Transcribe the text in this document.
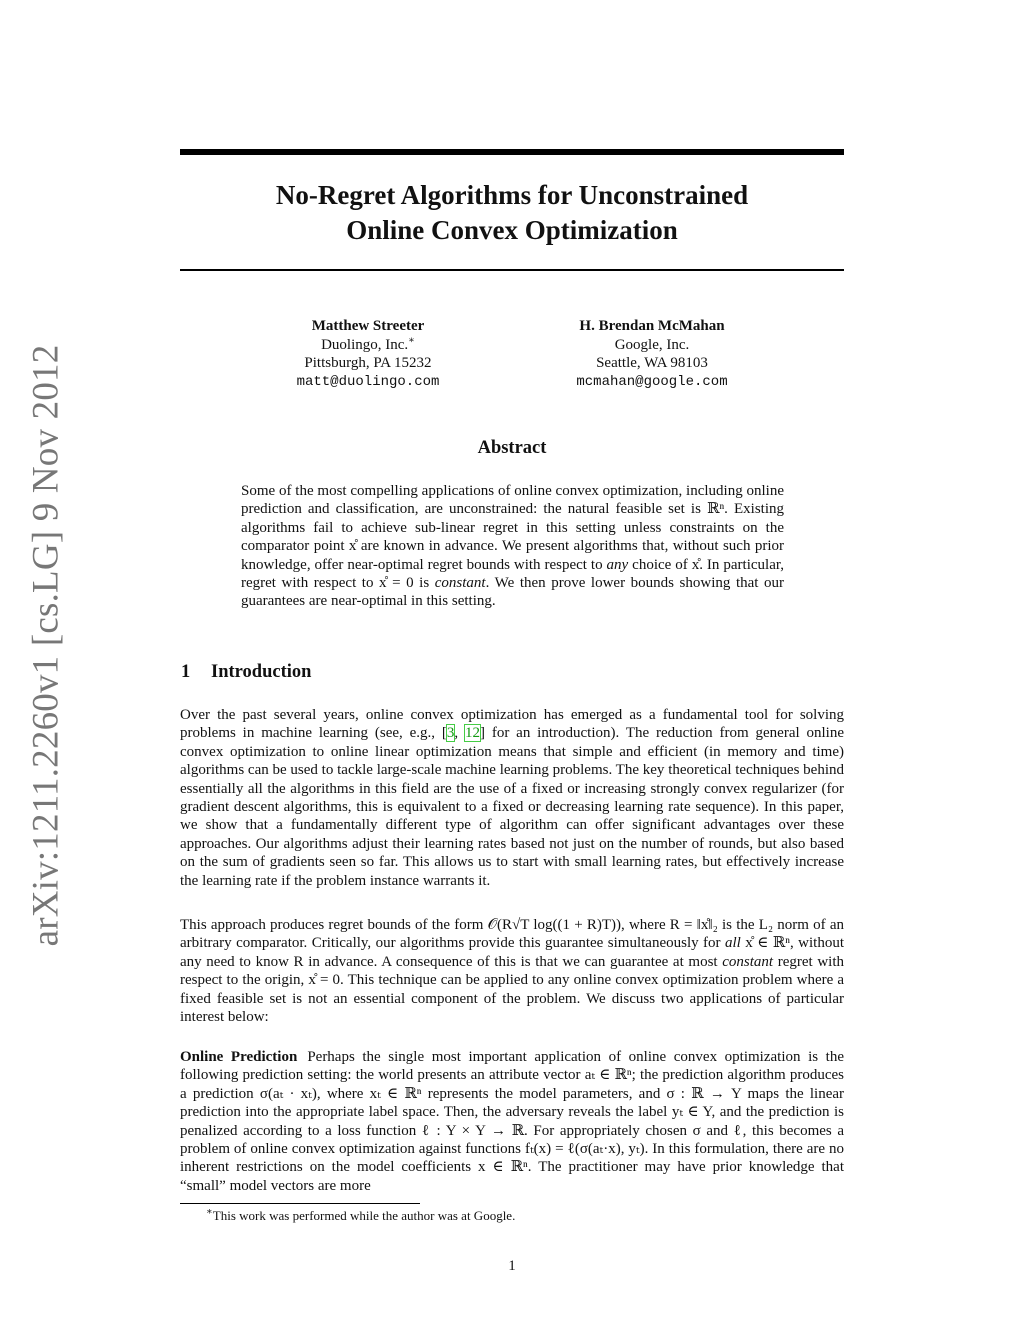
arXiv:1211.2260v1 [cs.LG] 9 Nov 2012
No-Regret Algorithms for Unconstrained
Online Convex Optimization
Matthew Streeter
Duolingo, Inc.∗
Pittsburgh, PA 15232
matt@duolingo.com
H. Brendan McMahan
Google, Inc.
Seattle, WA 98103
mcmahan@google.com
Abstract

Some of the most compelling applications of online convex optimization, including online prediction and classification, are unconstrained: the natural feasible set is ℝⁿ. Existing algorithms fail to achieve sub-linear regret in this setting unless constraints on the comparator point x̊ are known in advance. We present algorithms that, without such prior knowledge, offer near-optimal regret bounds with respect to any choice of x̊. In particular, regret with respect to x̊ = 0 is constant. We then prove lower bounds showing that our guarantees are near-optimal in this setting.

1 Introduction

Over the past several years, online convex optimization has emerged as a fundamental tool for solving problems in machine learning (see, e.g., [3, 12] for an introduction). The reduction from general online convex optimization to online linear optimization means that simple and efficient (in memory and time) algorithms can be used to tackle large-scale machine learning problems. The key theoretical techniques behind essentially all the algorithms in this field are the use of a fixed or increasing strongly convex regularizer (for gradient descent algorithms, this is equivalent to a fixed or decreasing learning rate sequence). In this paper, we show that a fundamentally different type of algorithm can offer significant advantages over these approaches. Our algorithms adjust their learning rates based not just on the number of rounds, but also based on the sum of gradients seen so far. This allows us to start with small learning rates, but effectively increase the learning rate if the problem instance warrants it.

This approach produces regret bounds of the form 𝒪(R√T log((1 + R)T)), where R = ‖x̊‖₂ is the L₂ norm of an arbitrary comparator. Critically, our algorithms provide this guarantee simultaneously for all x̊ ∈ ℝⁿ, without any need to know R in advance. A consequence of this is that we can guarantee at most constant regret with respect to the origin, x̊ = 0. This technique can be applied to any online convex optimization problem where a fixed feasible set is not an essential component of the problem. We discuss two applications of particular interest below:

Online Prediction Perhaps the single most important application of online convex optimization is the following prediction setting: the world presents an attribute vector aₜ ∈ ℝⁿ; the prediction algorithm produces a prediction σ(aₜ · xₜ), where xₜ ∈ ℝⁿ represents the model parameters, and σ : ℝ → Y maps the linear prediction into the appropriate label space. Then, the adversary reveals the label yₜ ∈ Y, and the prediction is penalized according to a loss function ℓ : Y × Y → ℝ. For appropriately chosen σ and ℓ, this becomes a problem of online convex optimization against functions fₜ(x) = ℓ(σ(aₜ·x), yₜ). In this formulation, there are no inherent restrictions on the model coefficients x ∈ ℝⁿ. The practitioner may have prior knowledge that “small” model vectors are more

∗This work was performed while the author was at Google.

1
